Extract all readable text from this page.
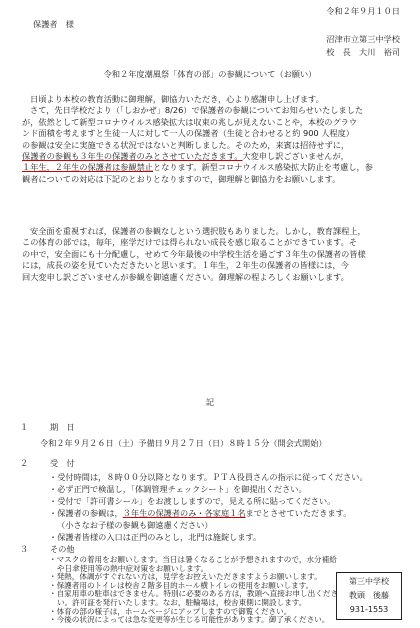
令和２年９月１０日
保護者　様
沼津市立第三中学校
校　長　大川　裕司
令和２年度潮風祭「体育の部」の参観について（お願い）
日頃より本校の教育活動に御理解，御協力いただき，心より感謝申し上げます。
さて，先日学校だより（「しおかぜ」8/26）で保護者の参観についてお知らせいたしました
が，依然として新型コロナウイルス感染拡大は収束の兆しが見えないことや，本校のグラウ
ンド面積を考えますと生徒一人に対して一人の保護者（生徒と合わせると約 900 人程度）
の参観は安全に実施できる状況ではないと判断しました。そのため，来賓は招待せずに，
保護者の参観も３年生の保護者のみとさせていただきます。大変申し訳ございませんが，
１年生，２年生の保護者は参観禁止となります。新型コロナウイルス感染拡大防止を考慮し，参
観者についての対応は下記のとおりとなりますので，御理解と御協力をお願いします。
安全面を重視すれば，保護者の参観なしという選択肢もありました。しかし，教育課程上，
この体育の部では，毎年，座学だけでは得られない成長を感じ取ることができています。そ
の中で，安全面にも十分配慮し，せめて今年最後の中学校生活を過ごす３年生の保護者の皆様
には，成長の姿を見ていただきたいと思います。１年生，２年生の保護者の皆様には，今
回大変申し訳ございませんが参観を御遠慮ください。御理解の程よろしくお願いします。
記
１	期　日
令和２年９月２６日（土）予備日９月２７日（日）８時１５分（開会式開始）
２	受　付
・受付時間は，８時００分以降となります。ＰＴＡ役員さんの指示に従ってください。
・必ず正門で検温し，「体調管理チェックシート」を御提出ください。
・受付で「許可書シール」をお渡ししますので，見える所に貼ってください。
・保護者の参観は，３年生の保護者のみ・各家庭１名までとさせていただきます。
（小さなお子様の参観も御遠慮ください）
・保護者皆様の入口は正門のみとし，北門は施錠します。
３	その他
・マスクの着用をお願いします。当日は暑くなることが予想されますので，水分補給
や日傘使用等の熱中症対策をお願いします。
・発熱，体調がすぐれない方は，見学をお控えいただきますようお願いします。
・保護者用のトイレは校舎２階多目的ホール横トイレの使用をお願いします。
・自家用車の駐車はできません。特別に必要のある方は，教頭へ直接お申し出くださ
い。許可証を発行いたします。なお，駐輪場は，校舎東側に開設します。
・体育の部の様子は，ホームページにアップしますので御覧ください。
・今後の状況によっては急な変更等が生じる可能性があります。御了承ください。
第三中学校
教頭　後藤
931-1553
